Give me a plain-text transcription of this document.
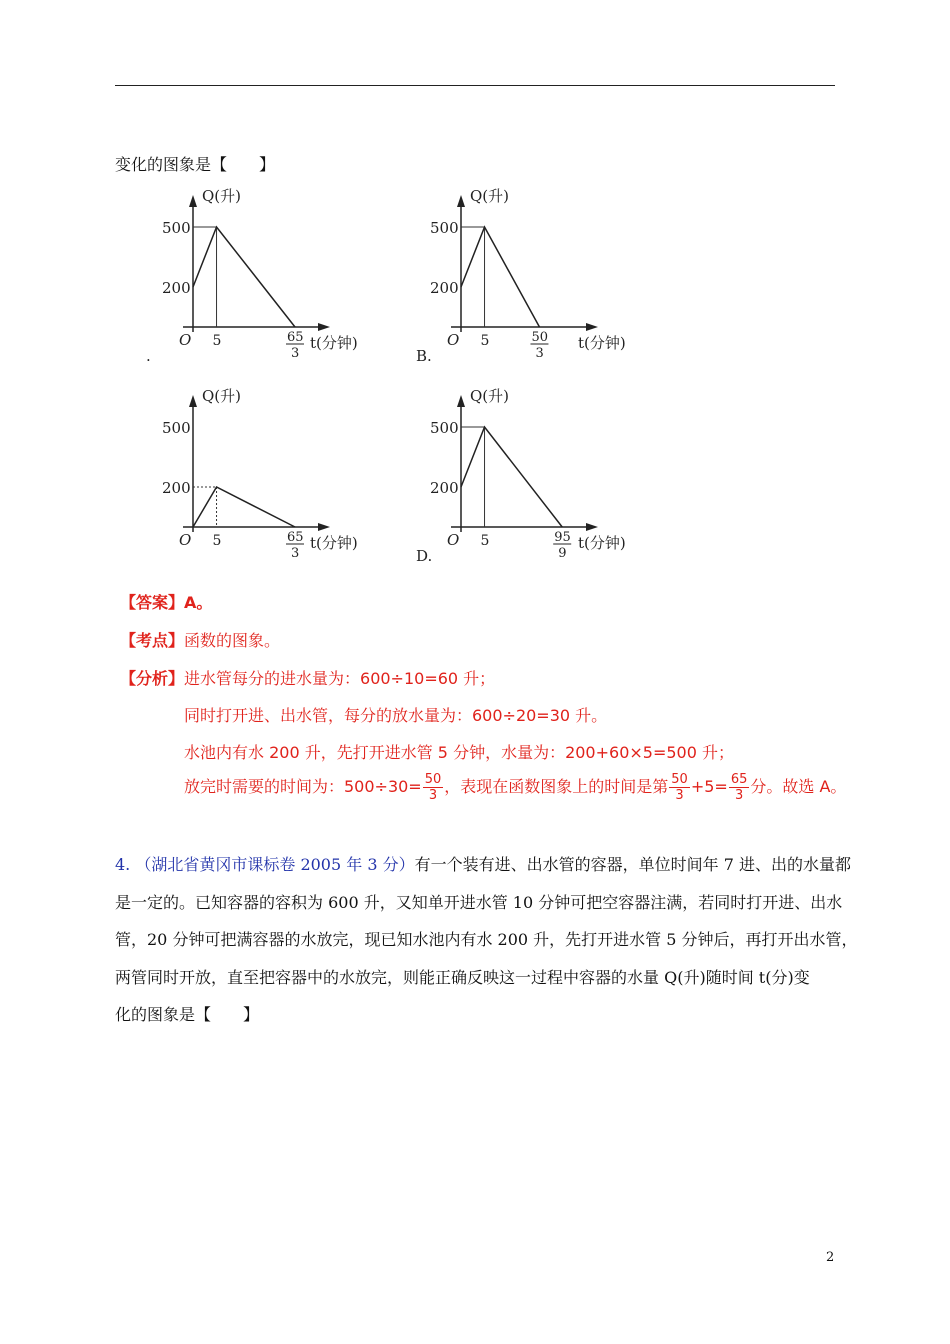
变化的图象是【　　】
Q(升)
t(分钟)
O
500
200
5	65
3
.
Q(升)
t(分钟)
O
500
200
5	50
3
B.
Q(升)
t(分钟)
O
500
200
5	65
3
Q(升)
t(分钟)
O
500
200
5	95
9
D.
【答案】A。
【考点】函数的图象。
【分析】进水管每分的进水量为：600÷10=60 升；
同时打开进、出水管，每分的放水量为：600÷20=30 升。
水池内有水 200 升，先打开进水管 5 分钟，水量为：200+60×5=500 升；
放完时需要的时间为：$500\div 30= \frac{50}{3}$ ，表现在函数图象上的时间是第 $\frac{50}{3} +5= \frac{65}{3}$ 分。故选 A。
4. （湖北省黄冈市课标卷 2005 年 3 分）有一个装有进、出水管的容器，单位时间年 7 进、出的水量都
是一定的。已知容器的容积为 600 升，又知单开进水管 10 分钟可把空容器注满，若同时打开进、出水
管，20 分钟可把满容器的水放完，现已知水池内有水 200 升，先打开进水管 5 分钟后，再打开出水管，
两管同时开放，直至把容器中的水放完，则能正确反映这一过程中容器的水量 Q(升)随时间 t(分)变
化的图象是【　　】
2
